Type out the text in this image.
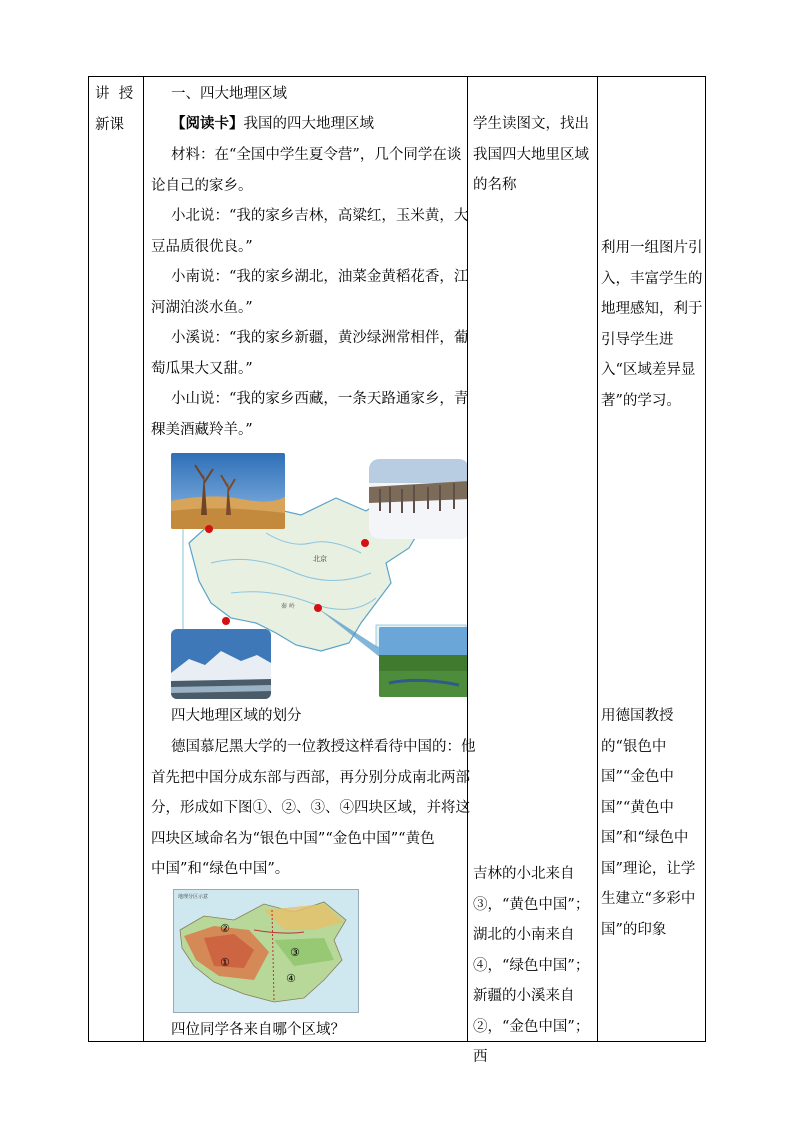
讲  授
新课
一、四大地理区域
【阅读卡】我国的四大地理区域

材料：在“全国中学生夏令营”，几个同学在谈

论自己的家乡。

小北说：“我的家乡吉林，高粱红，玉米黄，大

豆品质很优良。”

小南说：“我的家乡湖北，油菜金黄稻花香，江

河湖泊淡水鱼。”

小溪说：“我的家乡新疆，黄沙绿洲常相伴，葡

萄瓜果大又甜。”

小山说：“我的家乡西藏，一条天路通家乡，青

稞美酒藏羚羊。”

北京
秦 岭
四大地理区域的划分

德国慕尼黑大学的一位教授这样看待中国的：他

首先把中国分成东部与西部，再分别分成南北两部

分，形成如下图①、②、③、④四块区域，并将这

四块区域命名为“银色中国”“金色中国”“黄色

中国”和“绿色中国”。

地理分区示意
②
①
③
④
四位同学各来自哪个区域？
学生读图文，找出我国四大地里区域的名称
吉林的小北来自③，“黄色中国”；湖北的小南来自④，“绿色中国”；新疆的小溪来自②，“金色中国”；西
利用一组图片引入，丰富学生的地理感知，利于引导学生进入“区域差异显著”的学习。
用德国教授的“银色中国”“金色中国”“黄色中国”和“绿色中国”理论，让学生建立“多彩中国”的印象
